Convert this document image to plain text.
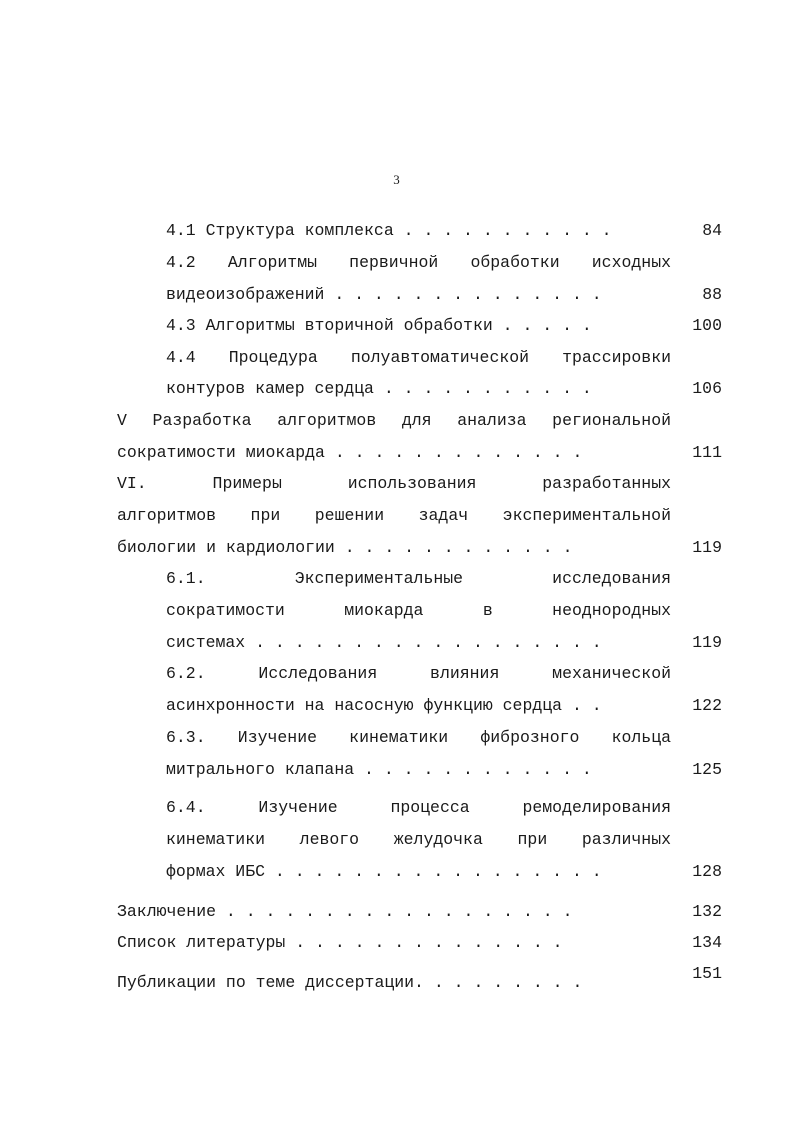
3
4.1 Структура комплекса . . . . . . . . . . .	84
4.2 Алгоритмы первичной обработки исходных
видеоизображений . . . . . . . . . . . . . .	88
4.3 Алгоритмы вторичной обработки . . . . .	100
4.4 Процедура полуавтоматической трассировки
контуров камер сердца . . . . . . . . . . .	106
V Разработка алгоритмов для анализа региональной
сократимости миокарда . . . . . . . . . . . . .	111
VI. Примеры использования разработанных
алгоритмов при решении задач экспериментальной
биологии и кардиологии . . . . . . . . . . . .	119
6.1. Экспериментальные исследования
сократимости миокарда в неоднородных
системах . . . . . . . . . . . . . . . . . .	119
6.2. Исследования влияния механической
асинхронности на насосную функцию сердца . .	122
6.3. Изучение кинематики фиброзного кольца
митрального клапана . . . . . . . . . . . .	125
6.4. Изучение процесса ремоделирования
кинематики левого желудочка при различных
формах ИБС . . . . . . . . . . . . . . . . .	128
Заключение . . . . . . . . . . . . . . . . . .	132
Список литературы . . . . . . . . . . . . . .	134
Публикации по теме диссертации. . . . . . . . .	151
